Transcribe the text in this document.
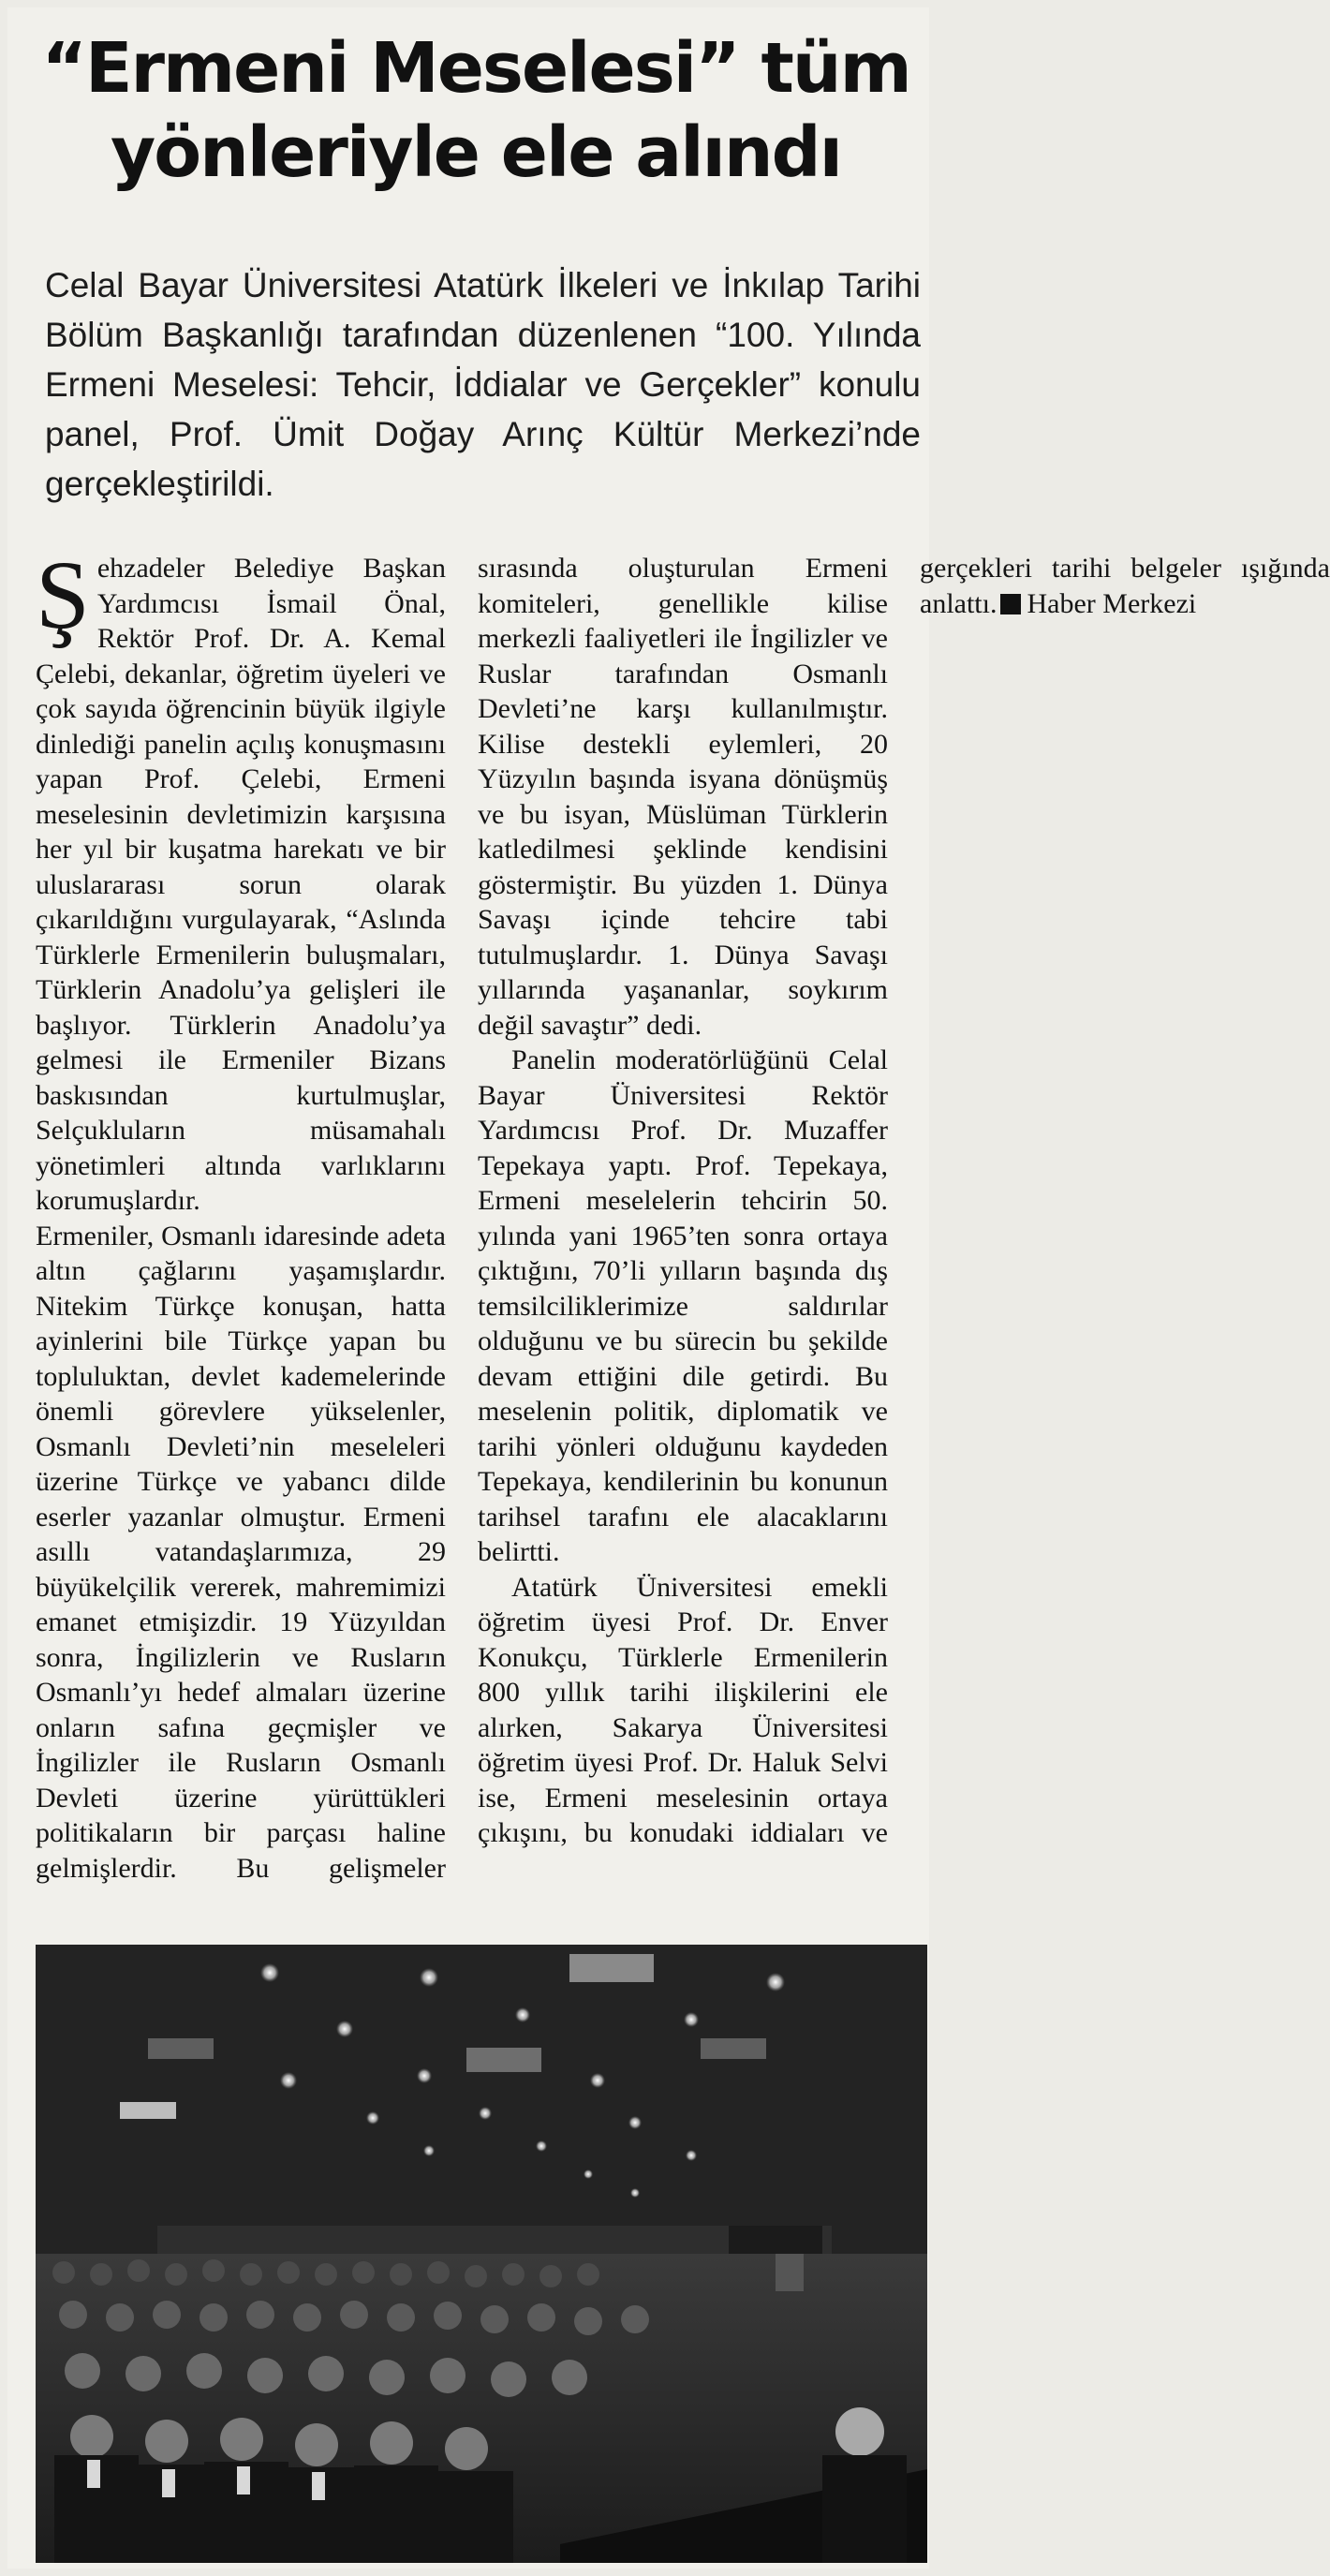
“Ermeni Meselesi” tüm
yönleriyle ele alındı

Celal Bayar Üniversitesi Atatürk İlkeleri ve İnkılap Tarihi Bölüm Başkanlığı tarafından düzenlenen “100. Yılında Ermeni Meselesi: Tehcir, İddialar ve Gerçekler” konulu panel, Prof. Ümit Doğay Arınç Kültür Merkezi’nde gerçekleştirildi.

Şehzadeler Belediye Başkan Yardımcısı İsmail Önal, Rektör Prof. Dr. A. Kemal Çelebi, dekanlar, öğretim üyeleri ve çok sayıda öğrencinin büyük ilgiyle dinlediği panelin açılış konuşmasını yapan Prof. Çelebi, Ermeni meselesinin devletimizin karşısına her yıl bir kuşatma harekatı ve bir uluslararası sorun olarak çıkarıldığını vurgulayarak, “Aslında Türklerle Ermenilerin buluşmaları, Türklerin Anadolu’ya gelişleri ile başlıyor. Türklerin Anadolu’ya gelmesi ile Ermeniler Bizans baskısından kurtulmuşlar, Selçukluların müsamahalı yönetimleri altında varlıklarını korumuşlardır.

Ermeniler, Osmanlı idaresinde adeta altın çağlarını yaşamışlardır. Nitekim Türkçe konuşan, hatta ayinlerini bile Türkçe yapan bu topluluktan, devlet kademelerinde önemli görevlere yükselenler, Osmanlı Devleti’nin meseleleri üzerine Türkçe ve yabancı dilde eserler yazanlar olmuştur. Ermeni asıllı vatandaşlarımıza, 29 büyükelçilik vererek, mahremimizi emanet etmişizdir. 19 Yüzyıldan sonra, İngilizlerin ve Rusların Osmanlı’yı hedef almaları üzerine onların safına geçmişler ve İngilizler ile Rusların Osmanlı Devleti üzerine yürüttükleri politikaların bir parçası haline gelmişlerdir. Bu gelişmeler sırasında oluşturulan Ermeni komiteleri, genellikle kilise merkezli faaliyetleri ile İngilizler ve Ruslar tarafından Osmanlı Devleti’ne karşı kullanılmıştır. Kilise destekli eylemleri, 20 Yüzyılın başında isyana dönüşmüş ve bu isyan, Müslüman Türklerin katledilmesi şeklinde kendisini göstermiştir. Bu yüzden 1. Dünya Savaşı içinde tehcire tabi tutulmuşlardır. 1. Dünya Savaşı yıllarında yaşananlar, soykırım değil savaştır” dedi.

Panelin moderatörlüğünü Celal Bayar Üniversitesi Rektör Yardımcısı Prof. Dr. Muzaffer Tepekaya yaptı. Prof. Tepekaya, Ermeni meselelerin tehcirin 50. yılında yani 1965’ten sonra ortaya çıktığını, 70’li yılların başında dış temsilciliklerimize saldırılar olduğunu ve bu sürecin bu şekilde devam ettiğini dile getirdi. Bu meselenin politik, diplomatik ve tarihi yönleri olduğunu kaydeden Tepekaya, kendilerinin bu konunun tarihsel tarafını ele alacaklarını belirtti.

Atatürk Üniversitesi emekli öğretim üyesi Prof. Dr. Enver Konukçu, Türklerle Ermenilerin 800 yıllık tarihi ilişkilerini ele alırken, Sakarya Üniversitesi öğretim üyesi Prof. Dr. Haluk Selvi ise, Ermeni meselesinin ortaya çıkışını, bu konudaki iddiaları ve gerçekleri tarihi belgeler ışığında anlattı. Haber Merkezi
